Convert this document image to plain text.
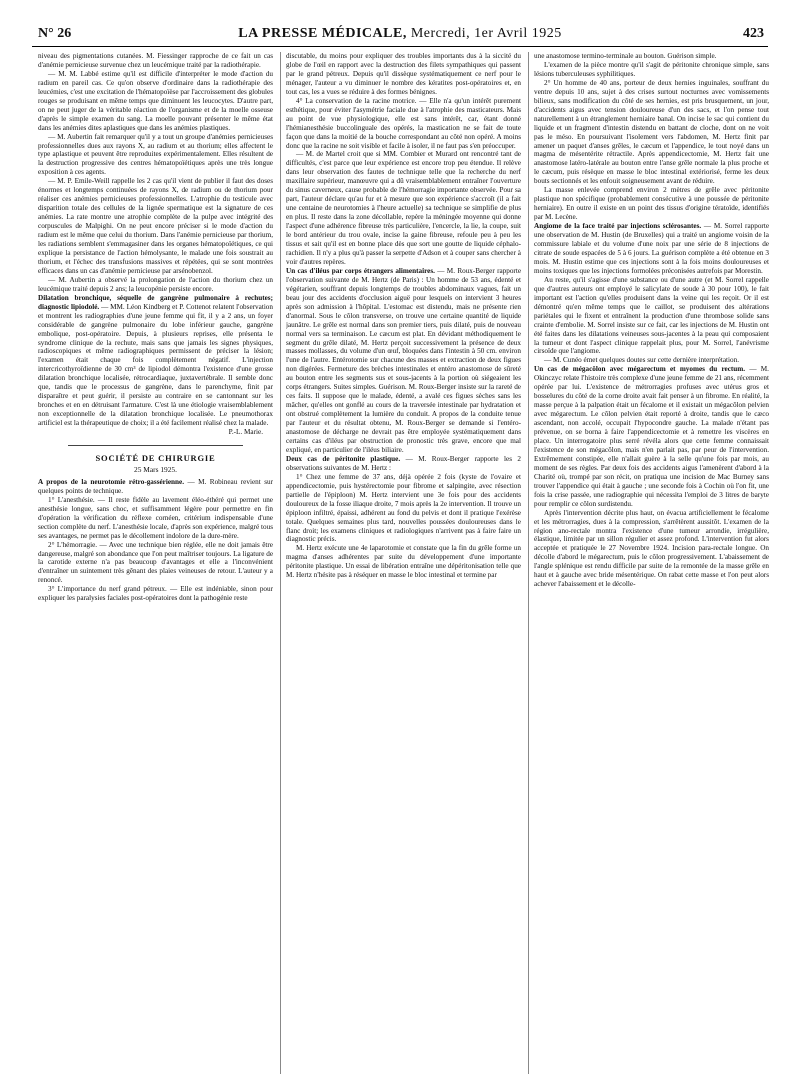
N° 26	LA PRESSE MÉDICALE, Mercredi, 1er Avril 1925	423

niveau des pigmentations cutanées. M. Fiessinger rapproche de ce fait un cas d'anémie pernicieuse survenue chez un leucémique traité par la radiothérapie.

— M. M. Labbé estime qu'il est difficile d'interpréter le mode d'action du radium en pareil cas. Ce qu'on observe d'ordinaire dans la radiothérapie des leucémies, c'est une excitation de l'hématopoïèse par l'accroissement des globules rouges se produisant en même temps que diminuent les leucocytes. D'autre part, on ne peut juger de la véritable réaction de l'organisme et de la moelle osseuse d'après le simple examen du sang. La moelle pouvant présenter le même état dans les anémies dites aplastiques que dans les anémies plastiques.

— M. Aubertin fait remarquer qu'il y a tout un groupe d'anémies pernicieuses professionnelles dues aux rayons X, au radium et au thorium; elles affectent le type aplastique et peuvent être reproduites expérimentalement. Elles résultent de la destruction progressive des centres hématopoïétiques après une très longue exposition à ces agents.

— M. P. Emile-Weill rappelle les 2 cas qu'il vient de publier il faut des doses énormes et longtemps continuées de rayons X, de radium ou de thorium pour réaliser ces anémies pernicieuses professionnelles. L'atrophie du testicule avec disparition totale des cellules de la lignée spermatique est la signature de ces anémies. La rate montre une atrophie complète de la pulpe avec intégrité des corpuscules de Malpighi. On ne peut encore préciser si le mode d'action du radium est le même que celui du thorium. Dans l'anémie pernicieuse par thorium, les radiations semblent s'emmagasiner dans les organes hématopoïétiques, ce qui explique la persistance de l'action hémolysante, le malade une fois soustrait au thorium, et l'échec des transfusions massives et répétées, qui se sont montrées efficaces dans un cas d'anémie pernicieuse par arsénobenzol.

— M. Aubertin a observé la prolongation de l'action du thorium chez un leucémique traité depuis 2 ans; la leucopénie persiste encore.

Dilatation bronchique, séquelle de gangrène pulmonaire à rechutes; diagnostic lipiodolé. — MM. Léon Kindberg et P. Cottenot relatent l'observation et montrent les radiographies d'une jeune femme qui fit, il y a 2 ans, un foyer considérable de gangrène pulmonaire du lobe inférieur gauche, gangrène embolique, post-opératoire. Depuis, à plusieurs reprises, elle présenta le syndrome clinique de la rechute, mais sans que jamais les signes physiques, radioscopiques et même radiographiques permissent de préciser la lésion; l'examen était chaque fois complètement négatif. L'injection intercricothyroïdienne de 30 cm³ de lipiodol démontra l'existence d'une grosse dilatation bronchique localisée, rétrocardiaque, juxtavertébrale. Il semble donc que, tandis que le processus de gangrène, dans le parenchyme, finit par disparaître et peut guérir, il persiste au contraire en se cantonnant sur les bronches et en en détruisant l'armature. C'est là une étiologie vraisemblablement non exceptionnelle de la dilatation bronchique localisée. Le pneumothorax artificiel est la thérapeutique de choix; il a été facilement réalisé chez la malade.

P.-L. Marie.
SOCIÉTÉ DE CHIRURGIE
25 Mars 1925.

A propos de la neurotomie rétro-gassérienne. — M. Robineau revient sur quelques points de technique.

1° L'anesthésie. — Il reste fidèle au lavement éléo-éthéré qui permet une anesthésie longue, sans choc, et suffisamment légère pour permettre en fin d'opération la vérification du réflexe cornéen, critérium indispensable d'une section complète du nerf. L'anesthésie locale, d'après son expérience, malgré tous ses avantages, ne permet pas le décollement indolore de la dure-mère.

2° L'hémorragie. — Avec une technique bien réglée, elle ne doit jamais être dangereuse, malgré son abondance que l'on peut maîtriser toujours. La ligature de la carotide externe n'a pas beaucoup d'avantages et elle a l'inconvénient d'entraîner un suintement très gênant des plaies veineuses de retour. L'auteur y a renoncé.

3° L'importance du nerf grand pétreux. — Elle est indéniable, sinon pour expliquer les paralysies faciales post-opératoires dont la pathogénie reste

discutable, du moins pour expliquer des troubles importants dus à la siccité du globe de l'œil en rapport avec la destruction des filets sympathiques qui passent par le grand pétreux. Depuis qu'il dissèque systématiquement ce nerf pour le ménager, l'auteur a vu diminuer le nombre des kératites post-opératoires et, en tout cas, les a vues se réduire à des formes bénignes.

4° La conservation de la racine motrice. — Elle n'a qu'un intérêt purement esthétique, pour éviter l'asymétrie faciale due à l'atrophie des masticateurs. Mais au point de vue physiologique, elle est sans intérêt, car, étant donné l'hémianesthésie buccolinguale des opérés, la mastication ne se fait de toute façon que dans la moitié de la bouche correspondant au côté non opéré. A moins donc que la racine ne soit visible et facile à isoler, il ne faut pas s'en préoccuper.

— M. de Martel croit que si MM. Combier et Murard ont rencontré tant de difficultés, c'est parce que leur expérience est encore trop peu étendue. Il relève dans leur observation des fautes de technique telle que la recherche du nerf maxillaire supérieur, manœuvre qui a dû vraisemblablement entraîner l'ouverture du sinus caverneux, cause probable de l'hémorragie importante observée. Pour sa part, l'auteur déclare qu'au fur et à mesure que son expérience s'accroît (il a fait une centaine de neurotomies à l'heure actuelle) sa technique se simplifie de plus en plus. Il reste dans la zone décollable, repère la méningée moyenne qui donne l'aspect d'une adhérence fibreuse très particulière, l'encercle, la lie, la coupe, suit le bord antérieur du trou ovale, incise la gaine fibreuse, refoule peu à peu les tissus et sait qu'il est en bonne place dès que sort une goutte de liquide céphalo-rachidien. Il n'y a plus qu'à passer la serpette d'Adson et à couper sans chercher à voir d'autres repères.

Un cas d'iléus par corps étrangers alimentaires. — M. Roux-Berger rapporte l'observation suivante de M. Hertz (de Paris) : Un homme de 53 ans, édenté et végétarien, souffrant depuis longtemps de troubles abdominaux vagues, fait un beau jour des accidents d'occlusion aiguë pour lesquels on intervient 3 heures après son admission à l'hôpital. L'estomac est distendu, mais ne présente rien d'anormal. Sous le côlon transverse, on trouve une certaine quantité de liquide jaunâtre. Le grêle est normal dans son premier tiers, puis dilaté, puis de nouveau normal vers sa terminaison. Le cæcum est plat. En dévidant méthodiquement le segment du grêle dilaté, M. Hertz perçoit successivement la présence de deux masses mollasses, du volume d'un œuf, bloquées dans l'intestin à 50 cm. environ l'une de l'autre. Entérotomie sur chacune des masses et extraction de deux figues non digérées. Fermeture des brèches intestinales et entéro anastomose de sûreté au bouton entre les segments sus et sous-jacents à la portion où siégeaient les corps étrangers. Suites simples. Guérison. M. Roux-Berger insiste sur la rareté de ces faits. Il suppose que le malade, édenté, a avalé ces figues sèches sans les mâcher, qu'elles ont gonflé au cours de la traversée intestinale par hydratation et ont obstrué complètement la lumière du conduit. A propos de la conduite tenue par l'auteur et du résultat obtenu, M. Roux-Berger se demande si l'entéro-anastomose de décharge ne devrait pas être employée systématiquement dans certains cas d'iléus par obstruction de pronostic très grave, encore que mal expliqué, en particulier de l'iléus biliaire.

Deux cas de péritonite plastique. — M. Roux-Berger rapporte les 2 observations suivantes de M. Hertz :

1° Chez une femme de 37 ans, déjà opérée 2 fois (kyste de l'ovaire et appendicectomie, puis hystérectomie pour fibrome et salpingite, avec résection partielle de l'épiploon) M. Hertz intervient une 3e fois pour des accidents douloureux de la fosse iliaque droite, 7 mois après la 2e intervention. Il trouve un épiploon infiltré, épaissi, adhérent au fond du pelvis et dont il pratique l'exérèse totale. Quelques semaines plus tard, nouvelles poussées douloureuses dans le flanc droit; les examens cliniques et radiologiques n'arrivent pas à faire faire un diagnostic précis.

M. Hertz exécute une 4e laparotomie et constate que la fin du grêle forme un magma d'anses adhérentes par suite du développement d'une importante péritonite plastique. Un essai de libération entraîne une dépéritonisation telle que M. Hertz n'hésite pas à réséquer en masse le bloc intestinal et termine par

une anastomose termino-terminale au bouton. Guérison simple.

L'examen de la pièce montre qu'il s'agit de péritonite chronique simple, sans lésions tuberculeuses syphilitiques.

2° Un homme de 40 ans, porteur de deux hernies inguinales, souffrant du ventre depuis 10 ans, sujet à des crises surtout nocturnes avec vomissements bilieux, sans modification du côté de ses hernies, est pris brusquement, un jour, d'accidents aigus avec tension douloureuse d'un des sacs, et l'on pense tout naturellement à un étranglement herniaire banal. On incise le sac qui contient du liquide et un fragment d'intestin distendu en battant de cloche, dont on ne voit pas le méso. En poursuivant l'isolement vers l'abdomen, M. Hertz finit par amener un paquet d'anses grêles, le cæcum et l'appendice, le tout noyé dans un magma de mésentérite rétractile. Après appendicectomie, M. Hertz fait une anastomose latéro-latérale au bouton entre l'anse grêle normale la plus proche et le cæcum, puis résèque en masse le bloc intestinal extériorisé, ferme les deux bouts sectionnés et les enfouit soigneusement avant de réduire.

La masse enlevée comprend environ 2 mètres de grêle avec péritonite plastique non spécifique (probablement consécutive à une poussée de péritonite herniaire). En outre il existe en un point des tissus d'origine tératoïde, identifiés par M. Lecène.

Angiome de la face traité par injections sclérosantes. — M. Sorrel rapporte une observation de M. Hustin (de Bruxelles) qui a traité un angiome voisin de la commissure labiale et du volume d'une noix par une série de 8 injections de citrate de soude espacées de 5 à 6 jours. La guérison complète a été obtenue en 3 mois. M. Hustin estime que ces injections sont à la fois moins douloureuses et moins toxiques que les injections formolées préconisées autrefois par Morestin.

Au reste, qu'il s'agisse d'une substance ou d'une autre (et M. Sorrel rappelle que d'autres auteurs ont employé le salicylate de soude à 30 pour 100), le fait important est l'action qu'elles produisent dans la veine qui les reçoit. Or il est démontré qu'en même temps que le caillot, se produisent des altérations pariétales qui le fixent et entraînent la production d'une thrombose solide sans crainte d'embolie. M. Sorrel insiste sur ce fait, car les injections de M. Hustin ont été faites dans les dilatations veineuses sous-jacentes à la peau qui composaient la tumeur et dont l'aspect clinique rappelait plus, pour M. Sorrel, l'anévrisme cirsoïde que l'angiome.

— M. Cunéo émet quelques doutes sur cette dernière interprétation.

Un cas de mégacôlon avec mégarectum et myomes du rectum. — M. Okinczyc relate l'histoire très complexe d'une jeune femme de 21 ans, récemment opérée par lui. L'existence de métrorragies profuses avec utérus gros et bosselures du côté de la corne droite avait fait penser à un fibrome. En réalité, la masse perçue à la palpation était un fécalome et il existait un mégacôlon pelvien avec mégarectum. Le côlon pelvien était reporté à droite, tandis que le cæco ascendant, non accolé, occupait l'hypocondre gauche. La malade n'étant pas prévenue, on se borna à faire l'appendicectomie et à remettre les viscères en place. Un interrogatoire plus serré révéla alors que cette femme connaissait l'existence de son mégacôlon, mais n'en parlait pas, par peur de l'intervention. Extrêmement constipée, elle n'allait guère à la selle qu'une fois par mois, au moment de ses règles. Par deux fois des accidents aigus l'amenèrent d'abord à la Charité où, trompé par son récit, on pratiqua une incision de Mac Burney sans trouver l'appendice qui était à gauche ; une seconde fois à Cochin où l'on fit, une fois la crise passée, une radiographie qui nécessita l'emploi de 3 litres de baryte pour remplir ce côlon surdistendu.

Après l'intervention décrite plus haut, on évacua artificiellement le fécalome et les métrorragies, dues à la compression, s'arrêtèrent aussitôt. L'examen de la région ano-rectale montra l'existence d'une tumeur arrondie, irrégulière, élastique, limitée par un sillon régulier et assez profond. L'intervention fut alors acceptée et pratiquée le 27 Novembre 1924. Incision para-rectale longue. On décolle d'abord le mégarectum, puis le côlon progressivement. L'abaissement de l'angle splénique est rendu difficile par suite de la remontée de la masse grêle en haut et à gauche avec bride mésentérique. On rabat cette masse et l'on peut alors achever l'abaissement et le décolle-
